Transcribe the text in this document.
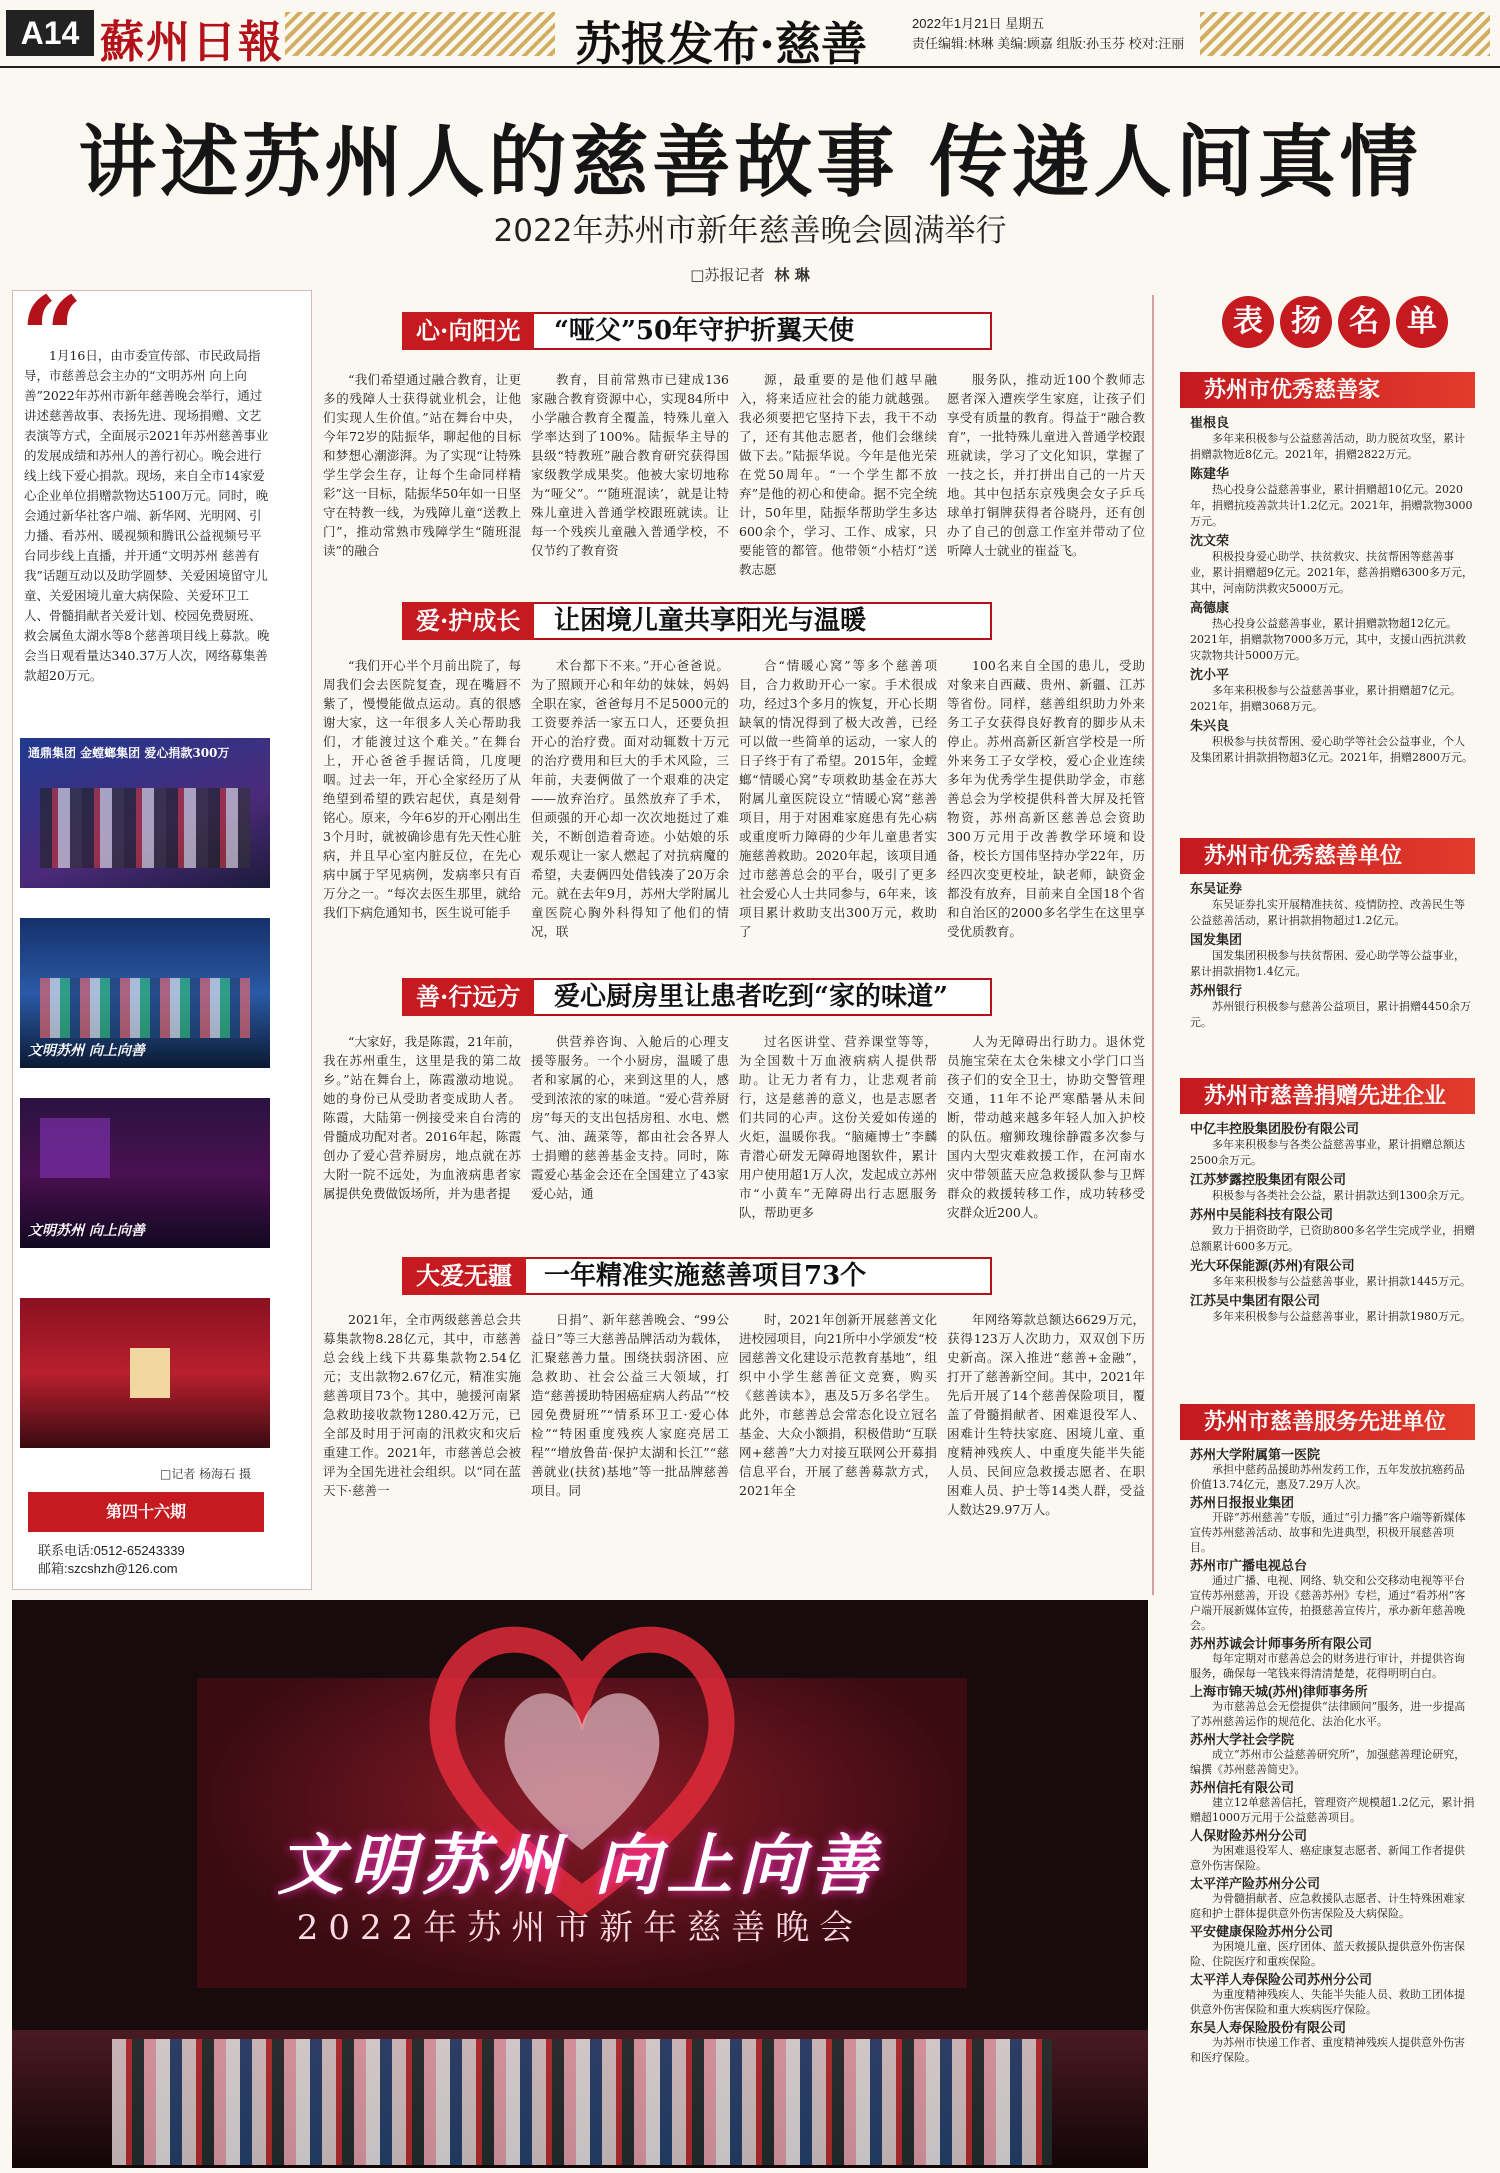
A14 蘇州日報	苏报发布·慈善	2022年1月21日 星期五
责任编辑:林琳 美编:顾嘉 组版:孙玉芬 校对:汪丽
讲述苏州人的慈善故事 传递人间真情
2022年苏州市新年慈善晚会圆满举行
□苏报记者 林 琳
“
1月16日，由市委宣传部、市民政局指导，市慈善总会主办的“文明苏州 向上向善”2022年苏州市新年慈善晚会举行，通过讲述慈善故事、表扬先进、现场捐赠、文艺表演等方式，全面展示2021年苏州慈善事业的发展成绩和苏州人的善行初心。晚会进行线上线下爱心捐款。现场，来自全市14家爱心企业单位捐赠款物达5100万元。同时，晚会通过新华社客户端、新华网、光明网、引力播、看苏州、暖视频和腾讯公益视频号平台同步线上直播，并开通“文明苏州 慈善有我”话题互动以及助学圆梦、关爱困境留守儿童、关爱困境儿童大病保险、关爱环卫工人、骨髓捐献者关爱计划、校园免费厨班、救会属鱼太湖水等8个慈善项目线上募款。晚会当日观看量达340.37万人次，网络募集善款超20万元。
通鼎集团 金螳螂集团 爱心捐款300万
文明苏州 向上向善
文明苏州 向上向善
□记者 杨海石 摄
第四十六期
联系电话:0512-65243339
邮箱:szcshzh@126.com
心·向阳光	“哑父”50年守护折翼天使

“我们希望通过融合教育，让更多的残障人士获得就业机会，让他们实现人生价值。”站在舞台中央，今年72岁的陆振华，聊起他的目标和梦想心潮澎湃。为了实现“让特殊学生学会生存，让每个生命同样精彩”这一目标，陆振华50年如一日坚守在特教一线，为残障儿童“送教上门”，推动常熟市残障学生“随班混读”的融合

教育，目前常熟市已建成136家融合教育资源中心，实现84所中小学融合教育全覆盖，特殊儿童入学率达到了100%。陆振华主导的县级“特教班”融合教育研究获得国家级教学成果奖。他被大家切地称为“哑父”。“‘随班混读’，就是让特殊儿童进入普通学校跟班就读。让每一个残疾儿童融入普通学校，不仅节约了教育资

源，最重要的是他们越早融入，将来适应社会的能力就越强。我必须要把它坚持下去，我干不动了，还有其他志愿者，他们会继续做下去。”陆振华说。今年是他光荣在党50周年。“一个学生都不放弃”是他的初心和使命。据不完全统计，50年里，陆振华帮助学生多达600余个，学习、工作、成家，只要能管的都管。他带领“小桔灯”送教志愿

服务队，推动近100个教师志愿者深入遭疾学生家庭，让孩子们享受有质量的教育。得益于“融合教育”，一批特殊儿童进入普通学校跟班就读，学习了文化知识，掌握了一技之长，并打拼出自己的一片天地。其中包括东京残奥会女子乒乓球单打铜牌获得者谷晓丹，还有创办了自己的创意工作室并带动了位听障人士就业的崔益飞。

爱·护成长	让困境儿童共享阳光与温暖

“我们开心半个月前出院了，每周我们会去医院复查，现在嘴唇不紫了，慢慢能做点运动。真的很感谢大家，这一年很多人关心帮助我们，才能渡过这个难关。”在舞台上，开心爸爸手握话筒，几度哽咽。过去一年，开心全家经历了从绝望到希望的跌宕起伏，真是刻骨铭心。原来，今年6岁的开心刚出生3个月时，就被确诊患有先天性心脏病，并且早心室内脏反位，在先心病中属于罕见病例，发病率只有百万分之一。“每次去医生那里，就给我们下病危通知书，医生说可能手

术台都下不来。”开心爸爸说。为了照顾开心和年幼的妹妹，妈妈全职在家，爸爸每月不足5000元的工资要养活一家五口人，还要负担开心的治疗费。面对动辄数十万元的治疗费用和巨大的手术风险，三年前，夫妻俩做了一个艰难的决定——放弃治疗。虽然放弃了手术，但顽强的开心却一次次地挺过了难关，不断创造着奇迹。小姑娘的乐观乐观让一家人燃起了对抗病魔的希望，夫妻俩四处借钱凑了20万余元。就在去年9月，苏州大学附属儿童医院心胸外科得知了他们的情况，联

合“情暖心窝”等多个慈善项目，合力救助开心一家。手术很成功，经过3个多月的恢复，开心长期缺氧的情况得到了极大改善，已经可以做一些简单的运动，一家人的日子终于有了希望。2015年，金螳螂“情暖心窝”专项救助基金在苏大附属儿童医院设立“情暖心窝”慈善项目，用于对困难家庭患有先心病或重度听力障碍的少年儿童患者实施慈善救助。2020年起，该项目通过市慈善总会的平台，吸引了更多社会爱心人士共同参与，6年来，该项目累计救助支出300万元，救助了

100名来自全国的患儿，受助对象来自西藏、贵州、新疆、江苏等省份。同样，慈善组织助力外来务工子女获得良好教育的脚步从未停止。苏州高新区新宫学校是一所外来务工子女学校，爱心企业连续多年为优秀学生提供助学金，市慈善总会为学校提供科普大屏及托管物资，苏州高新区慈善总会资助300万元用于改善教学环境和设备，校长方国伟坚持办学22年，历经四次变更校址，缺老师，缺资金都没有放弃，目前来自全国18个省和自治区的2000多名学生在这里享受优质教育。

善·行远方	爱心厨房里让患者吃到“家的味道”

“大家好，我是陈霞，21年前，我在苏州重生，这里是我的第二故乡。”站在舞台上，陈霞激动地说。她的身份已从受助者变成助人者。陈霞，大陆第一例接受来自台湾的骨髓成功配对者。2016年起，陈霞创办了爱心营养厨房，地点就在苏大附一院不远处，为血液病患者家属提供免费做饭场所，并为患者提

供营养咨询、入舱后的心理支援等服务。一个小厨房，温暖了患者和家属的心，来到这里的人，感受到浓浓的家的味道。“爱心营养厨房”每天的支出包括房租、水电、燃气、油、蔬菜等，都由社会各界人士捐赠的慈善基金支持。同时，陈霞爱心基金会还在全国建立了43家爱心站，通

过名医讲堂、营养课堂等等，为全国数十万血液病病人提供帮助。让无力者有力，让悲观者前行，这是慈善的意义，也是志愿者们共同的心声。这份关爱如传递的火炬，温暖你我。“脑瘫博士”李麟青潜心研发无障碍地图软件，累计用户使用超1万人次，发起成立苏州市“小黄车”无障碍出行志愿服务队，帮助更多

人为无障碍出行助力。退休党员施宝荣在太仓朱棣文小学门口当孩子们的安全卫士，协助交警管理交通，11年不论严寒酷暑从未间断，带动越来越多年轻人加入护校的队伍。瘤狮玫瑰徐静霞多次参与国内大型灾难救援工作，在河南水灾中带领蓝天应急救援队参与卫辉群众的救援转移工作，成功转移受灾群众近200人。

大爱无疆	一年精准实施慈善项目73个

2021年，全市两级慈善总会共募集款物8.28亿元，其中，市慈善总会线上线下共募集款物2.54亿元；支出款物2.67亿元，精准实施慈善项目73个。其中，驰援河南紧急救助接收款物1280.42万元，已全部及时用于河南的汛救灾和灾后重建工作。2021年，市慈善总会被评为全国先进社会组织。以“同在蓝天下·慈善一

日捐”、新年慈善晚会、“99公益日”等三大慈善品牌活动为载体，汇聚慈善力量。围绕扶弱济困、应急救助、社会公益三大领域，打造“慈善援助特困癌症病人药品”“校园免费厨班”“情系环卫工·爱心体检”“特困重度残疾人家庭亮居工程”“增放鲁苗·保护太湖和长江”“慈善就业(扶贫)基地”等一批品牌慈善项目。同

时，2021年创新开展慈善文化进校园项目，向21所中小学颁发“校园慈善文化建设示范教育基地”，组织中小学生慈善征文竞赛，购买《慈善读本》，惠及5万多名学生。此外，市慈善总会常态化设立冠名基金、大众小额捐，积极借助“互联网+慈善”大力对接互联网公开募捐信息平台，开展了慈善募款方式，2021年全

年网络筹款总额达6629万元，获得123万人次助力，双双创下历史新高。深入推进“慈善+金融”，打开了慈善新空间。其中，2021年先后开展了14个慈善保险项目，覆盖了骨髓捐献者、困难退役军人、困难计生特扶家庭、困境儿童、重度精神残疾人、中重度失能半失能人员、民间应急救援志愿者、在职困难人员、护士等14类人群，受益人数达29.97万人。

表 扬 名 单
苏州市优秀慈善家
崔根良
多年来积极参与公益慈善活动，助力脱贫攻坚，累计捐赠款物近8亿元。2021年，捐赠2822万元。
陈建华
热心投身公益慈善事业，累计捐赠超10亿元。2020年，捐赠抗疫善款共计1.2亿元。2021年，捐赠款物3000万元。
沈文荣
积极投身爱心助学、扶贫救灾、扶贫帮困等慈善事业，累计捐赠超9亿元。2021年，慈善捐赠6300多万元，其中，河南防洪救灾5000万元。
高德康
热心投身公益慈善事业，累计捐赠款物超12亿元。2021年，捐赠款物7000多万元，其中，支援山西抗洪救灾款物共计5000万元。
沈小平
多年来积极参与公益慈善事业，累计捐赠超7亿元。2021年，捐赠3068万元。
朱兴良
积极参与扶贫帮困、爱心助学等社会公益事业，个人及集团累计捐款捐物超3亿元。2021年，捐赠2800万元。
苏州市优秀慈善单位
东吴证券
东吴证券扎实开展精准扶贫、疫情防控、改善民生等公益慈善活动，累计捐款捐物超过1.2亿元。
国发集团
国发集团积极参与扶贫帮困、爱心助学等公益事业，累计捐款捐物1.4亿元。
苏州银行
苏州银行积极参与慈善公益项目，累计捐赠4450余万元。
苏州市慈善捐赠先进企业
中亿丰控股集团股份有限公司
多年来积极参与各类公益慈善事业，累计捐赠总额达2500余万元。
江苏梦露控股集团有限公司
积极参与各类社会公益，累计捐款达到1300余万元。
苏州中吴能科技有限公司
致力于捐资助学，已资助800多名学生完成学业，捐赠总额累计600多万元。
光大环保能源(苏州)有限公司
多年来积极参与公益慈善事业，累计捐款1445万元。
江苏吴中集团有限公司
多年来积极参与公益慈善事业，累计捐款1980万元。
苏州市慈善服务先进单位
苏州大学附属第一医院
承担中慈药品援助苏州发药工作，五年发放抗癌药品价值13.74亿元，惠及7.29万人次。
苏州日报报业集团
开辟“苏州慈善”专版，通过“引力播”客户端等新媒体宣传苏州慈善活动、故事和先进典型，积极开展慈善项目。
苏州市广播电视总台
通过广播、电视、网络、轨交和公交移动电视等平台宣传苏州慈善，开设《慈善苏州》专栏，通过“看苏州”客户端开展新媒体宣传，拍摄慈善宣传片，承办新年慈善晚会。
苏州苏诚会计师事务所有限公司
每年定期对市慈善总会的财务进行审计，并提供咨询服务，确保每一笔钱来得清清楚楚，花得明明白白。
上海市锦天城(苏州)律师事务所
为市慈善总会无偿提供“法律顾问”服务，进一步提高了苏州慈善运作的规范化、法治化水平。
苏州大学社会学院
成立“苏州市公益慈善研究所”，加强慈善理论研究，编撰《苏州慈善简史》。
苏州信托有限公司
建立12单慈善信托，管理资产规模超1.2亿元，累计捐赠超1000万元用于公益慈善项目。
人保财险苏州分公司
为困难退役军人、癌症康复志愿者、新闻工作者提供意外伤害保险。
太平洋产险苏州分公司
为骨髓捐献者、应急救援队志愿者、计生特殊困难家庭和护士群体提供意外伤害保险及大病保险。
平安健康保险苏州分公司
为困境儿童、医疗团体、蓝天救援队提供意外伤害保险、住院医疗和重疾保险。
太平洋人寿保险公司苏州分公司
为重度精神残疾人、失能半失能人员、救助工团体提供意外伤害保险和重大疾病医疗保险。
东吴人寿保险股份有限公司
为苏州市快递工作者、重度精神残疾人提供意外伤害和医疗保险。
文明苏州 向上向善
2022年苏州市新年慈善晚会
